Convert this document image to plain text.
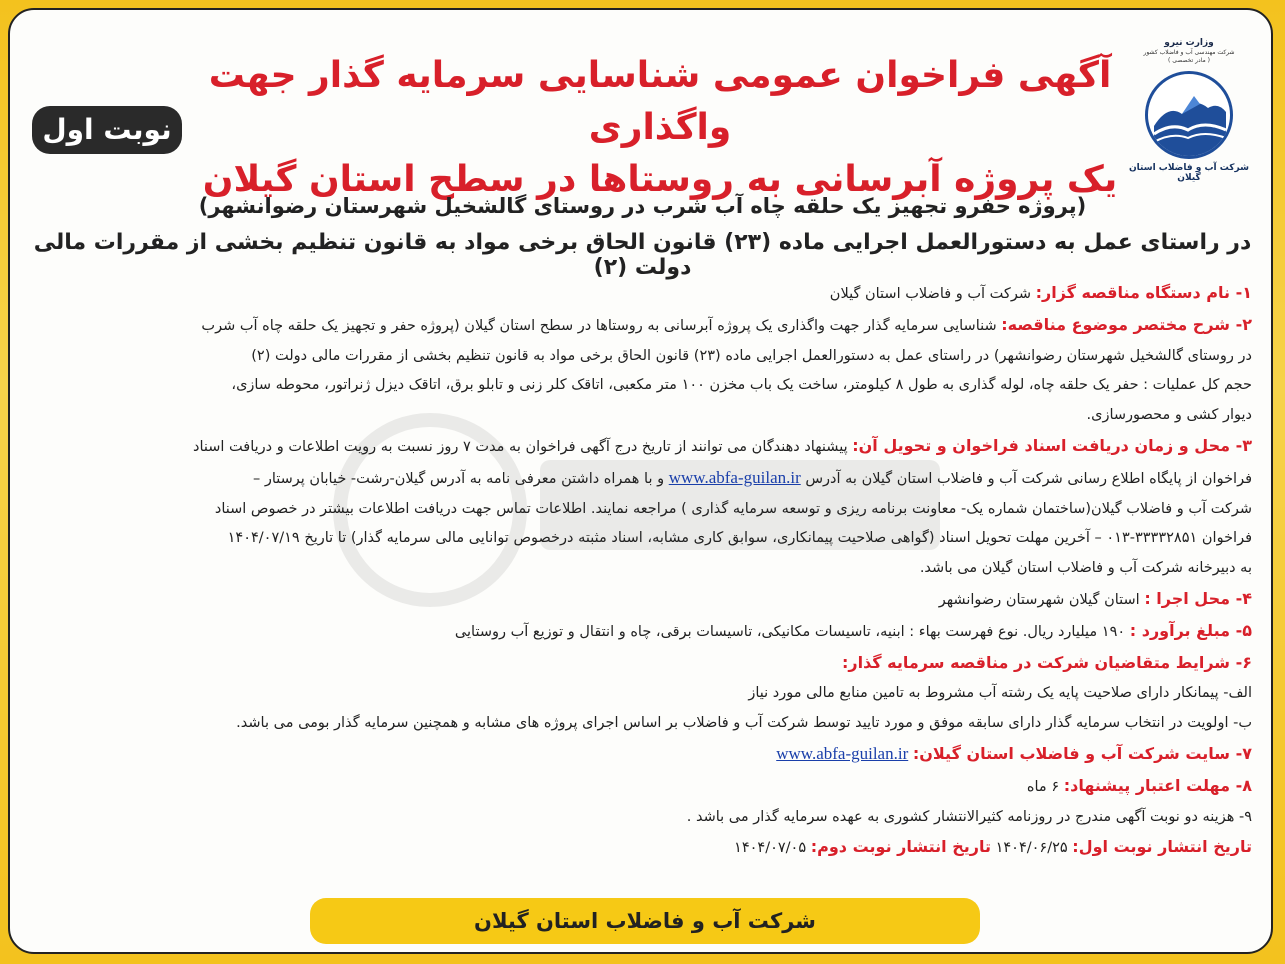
وزارت نیرو
شرکت مهندسی آب و فاضلاب کشور
( مادر تخصصی )
شرکت آب و فاضلاب استان گیلان
نوبت اول
آگهی فراخوان عمومی شناسایی سرمایه گذار جهت واگذاری
یک پروژه آبرسانی به روستاها در سطح استان گیلان
(پروژه حفرو تجهیز یک حلقه چاه آب شرب در روستای گالشخیل شهرستان رضوانشهر)
در راستای عمل به دستورالعمل اجرایی ماده (۲۳) قانون الحاق برخی مواد به قانون تنظیم بخشی از مقررات مالی دولت (۲)
۱- نام دستگاه مناقصه گزار: شرکت آب و فاضلاب استان گیلان
۲- شرح مختصر موضوع مناقصه: شناسایی سرمایه گذار جهت واگذاری یک پروژه آبرسانی به روستاها در سطح استان گیلان (پروژه حفر و تجهیز یک حلقه چاه آب شرب
در روستای گالشخیل شهرستان رضوانشهر) در راستای عمل به دستورالعمل اجرایی ماده (۲۳) قانون الحاق برخی مواد به قانون تنظیم بخشی از مقررات مالی دولت (۲)
حجم کل عملیات : حفر یک حلقه چاه، لوله گذاری به طول ۸ کیلومتر، ساخت یک باب مخزن ۱۰۰ متر مکعبی، اتاقک کلر زنی و تابلو برق، اتاقک دیزل ژنراتور، محوطه سازی،
دیوار کشی و محصورسازی.
۳- محل و زمان دریافت اسناد فراخوان و تحویل آن: پیشنهاد دهندگان می توانند از تاریخ درج آگهی فراخوان به مدت ۷ روز نسبت به رویت اطلاعات و دریافت اسناد
فراخوان از پایگاه اطلاع رسانی شرکت آب و فاضلاب استان گیلان به آدرس www.abfa-guilan.ir و با همراه داشتن معرفی نامه به آدرس گیلان-رشت- خیابان پرستار –
شرکت آب و فاضلاب گیلان(ساختمان شماره یک- معاونت برنامه ریزی و توسعه سرمایه گذاری ) مراجعه نمایند. اطلاعات تماس جهت دریافت اطلاعات بیشتر در خصوص اسناد
فراخوان ۳۳۳۳۲۸۵۱-۰۱۳ – آخرین مهلت تحویل اسناد (گواهی صلاحیت پیمانکاری، سوابق کاری مشابه، اسناد مثبته درخصوص توانایی مالی سرمایه گذار) تا تاریخ ۱۴۰۴/۰۷/۱۹
به دبیرخانه شرکت آب و فاضلاب استان گیلان می باشد.
۴- محل اجرا : استان گیلان شهرستان رضوانشهر
۵- مبلغ برآورد : ۱۹۰ میلیارد ریال. نوع فهرست بهاء : ابنیه، تاسیسات مکانیکی، تاسیسات برقی، چاه و انتقال و توزیع آب روستایی
۶- شرایط متقاضیان شرکت در مناقصه سرمایه گذار:
الف- پیمانکار دارای صلاحیت پایه یک رشته آب مشروط به تامین منابع مالی مورد نیاز
ب- اولویت در انتخاب سرمایه گذار دارای سابقه موفق و مورد تایید توسط شرکت آب و فاضلاب بر اساس اجرای پروژه های مشابه و همچنین سرمایه گذار بومی می باشد.
۷- سایت شرکت آب و فاضلاب استان گیلان: www.abfa-guilan.ir
۸- مهلت اعتبار پیشنهاد: ۶ ماه
۹- هزینه دو نوبت آگهی مندرج در روزنامه کثیرالانتشار کشوری به عهده سرمایه گذار می باشد .
تاریخ انتشار نوبت اول: ۱۴۰۴/۰۶/۲۵ تاریخ انتشار نوبت دوم: ۱۴۰۴/۰۷/۰۵
شرکت آب و فاضلاب استان گیلان
